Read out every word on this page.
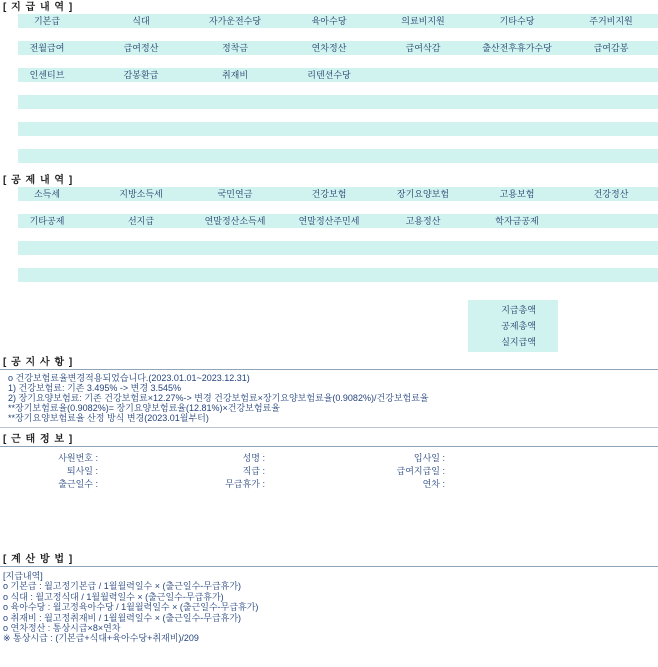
[ 지 급 내 역 ]
기본급	식대	자가운전수당	육아수당	의료비지원	기타수당	주거비지원
전월급여	급여정산	정착금	연차정산	급여삭감	출산전후휴가수당	급여감봉
인센티브	감봉환급	취재비	리텐션수당
[ 공 제 내 역 ]
소득세	지방소득세	국민연금	건강보험	장기요양보험	고용보험	건강정산
기타공제	선지급	연말정산소득세	연말정산주민세	고용정산	학자금공제
지급총액
공제총액
실지급액
[ 공 지 사 항 ]
o 건강보험료율변경적용되었습니다.(2023.01.01~2023.12.31)
1) 건강보험료: 기존 3.495% -> 변경 3.545%
2) 장기요양보험료: 기존 건강보험료×12.27%-> 변경 건강보험료×장기요양보험료율(0.9082%)/건강보험료율
**장기보험료율(0.9082%)= 장기요양보험료율(12.81%)×건강보험료율
**장기요양보험료율 산정 방식 변경(2023.01월부터)
[ 근 태 정 보 ]
사원번호 :	성명 :	입사일 :
퇴사일 :	직급 :	급여지급일 :
출근일수 :	무급휴가 :	연차 :
[ 계 산 방 법 ]
[지급내역]
o 기본급 : 월고정기본급 / 1월월력일수 × (출근일수-무급휴가)
o 식대 : 월고정식대 / 1월월력일수 × (출근일수-무급휴가)
o 육아수당 : 월고정육아수당 / 1월월력일수 × (출근일수-무급휴가)
o 취재비 : 월고정취재비 / 1월월력일수 × (출근일수-무급휴가)
o 연차정산 : 통상시급×8×연차
※ 통상시급 : (기본급+식대+육아수당+취재비)/209
